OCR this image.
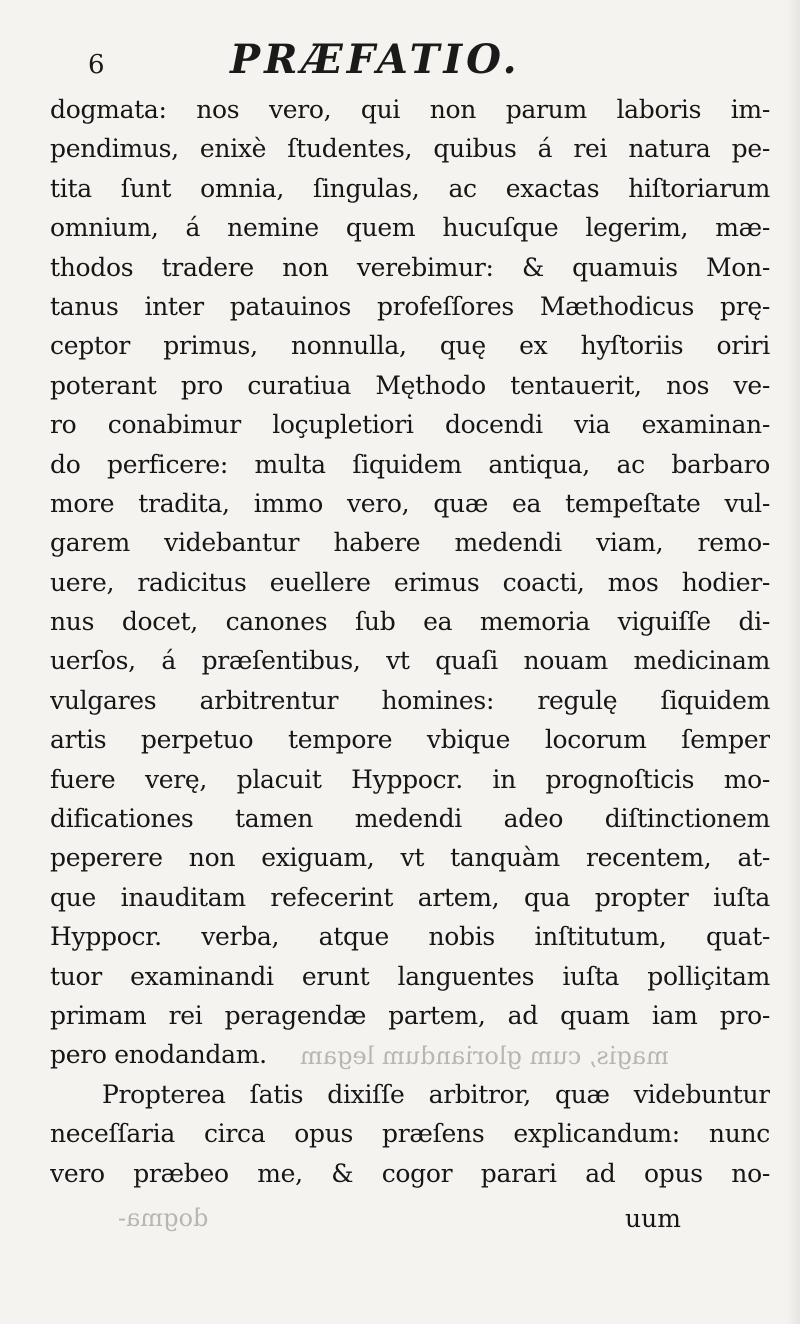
magis, cum gloriandum legam
dogma-
6	PRÆFATIO.
dogmata: nos vero, qui non parum laboris im-
pendimus, enixè ſtudentes, quibus á rei natura pe-
tita ſunt omnia, ſingulas, ac exactas hiſtoriarum
omnium, á nemine quem hucuſque legerim, mæ-
thodos tradere non verebimur: & quamuis Mon-
tanus inter patauinos profeſſores Mæthodicus prę-
ceptor primus, nonnulla, quę ex hyſtoriis oriri
poterant pro curatiua Męthodo tentauerit, nos ve-
ro conabimur loçupletiori docendi via examinan-
do perficere: multa ſiquidem antiqua, ac barbaro
more tradita, immo vero, quæ ea tempeſtate vul-
garem videbantur habere medendi viam, remo-
uere, radicitus euellere erimus coacti, mos hodier-
nus docet, canones ſub ea memoria viguiſſe di-
uerſos, á præſentibus, vt quaſi nouam medicinam
vulgares arbitrentur homines: regulę ſiquidem
artis perpetuo tempore vbique locorum ſemper
fuere verę, placuit Hyppocr. in prognoſticis mo-
dificationes tamen medendi adeo diſtinctionem
peperere non exiguam, vt tanquàm recentem, at-
que inauditam refecerint artem, qua propter iuſta
Hyppocr. verba, atque nobis inſtitutum, quat-
tuor examinandi erunt languentes iuſta polliçitam
primam rei peragendæ partem, ad quam iam pro-
pero enodandam.
Propterea ſatis dixiſſe arbitror, quæ videbuntur
neceſſaria circa opus præſens explicandum: nunc
vero præbeo me, & cogor parari ad opus no-
uum
